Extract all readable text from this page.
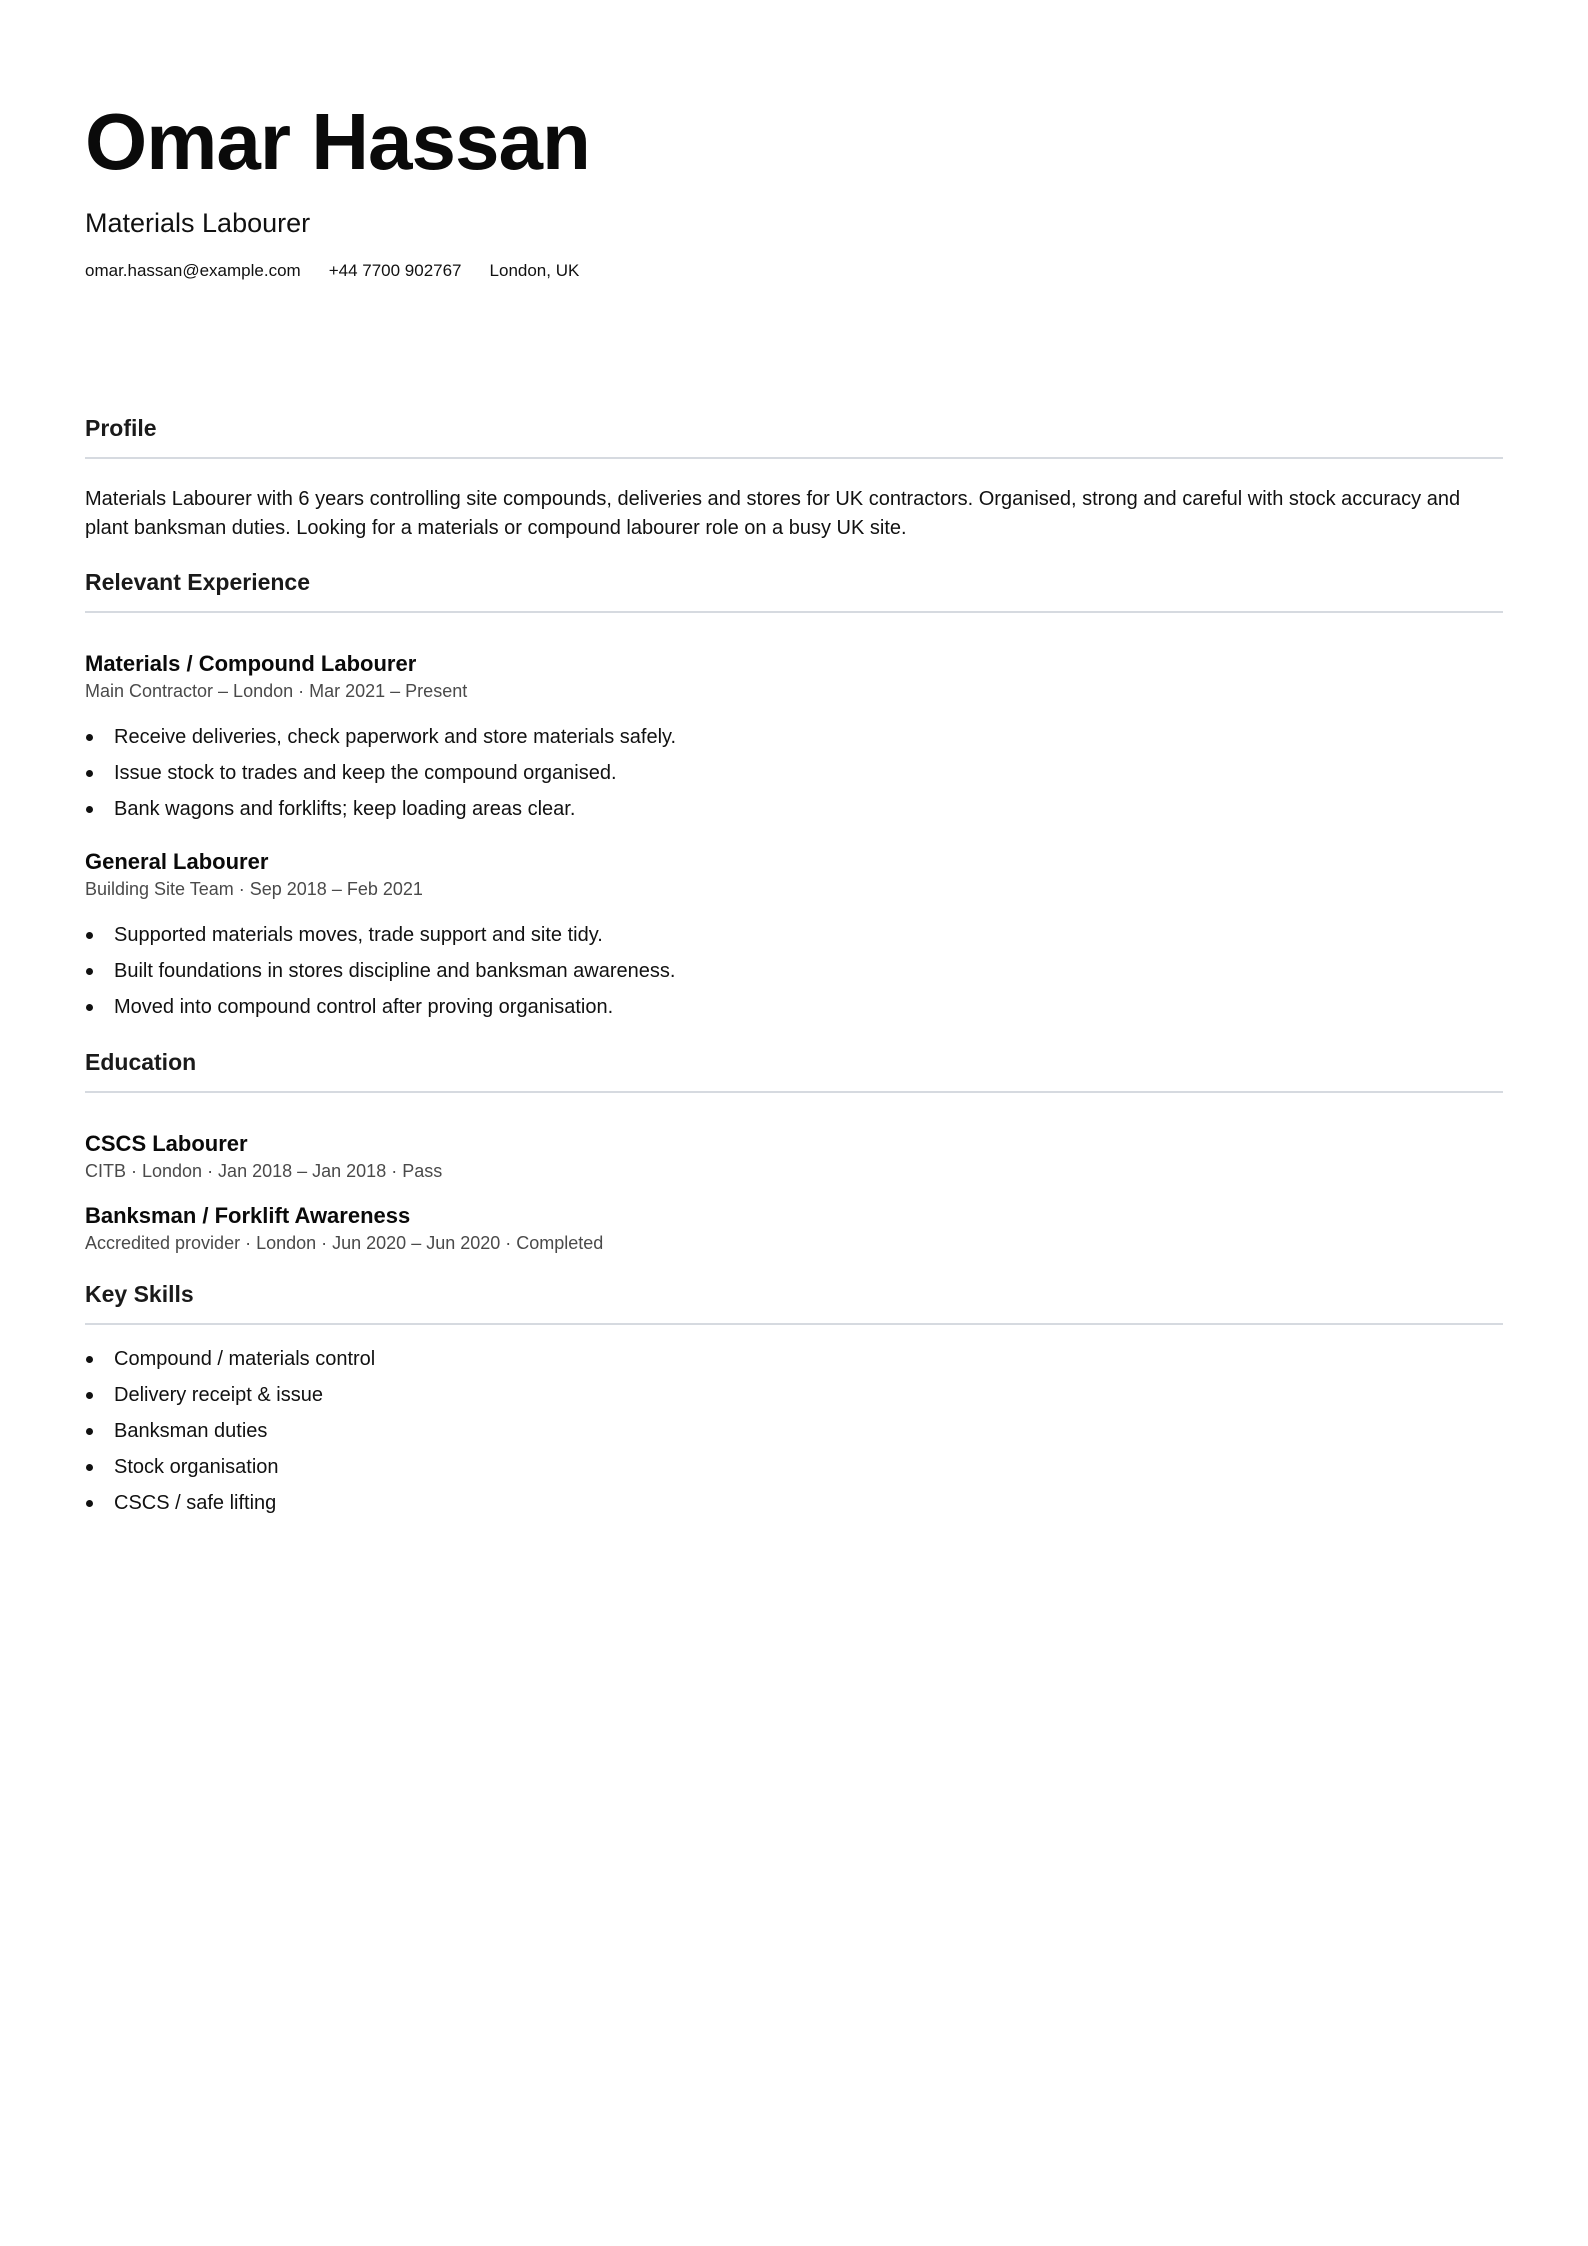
Omar Hassan
Materials Labourer
omar.hassan@example.com +44 7700 902767 London, UK
Profile
Materials Labourer with 6 years controlling site compounds, deliveries and stores for UK contractors. Organised, strong and careful with stock accuracy and plant banksman duties. Looking for a materials or compound labourer role on a busy UK site.
Relevant Experience
Materials / Compound Labourer
Main Contractor – London · Mar 2021 – Present
Receive deliveries, check paperwork and store materials safely.
Issue stock to trades and keep the compound organised.
Bank wagons and forklifts; keep loading areas clear.
General Labourer
Building Site Team · Sep 2018 – Feb 2021
Supported materials moves, trade support and site tidy.
Built foundations in stores discipline and banksman awareness.
Moved into compound control after proving organisation.
Education
CSCS Labourer
CITB · London · Jan 2018 – Jan 2018 · Pass
Banksman / Forklift Awareness
Accredited provider · London · Jun 2020 – Jun 2020 · Completed
Key Skills
Compound / materials control
Delivery receipt & issue
Banksman duties
Stock organisation
CSCS / safe lifting
